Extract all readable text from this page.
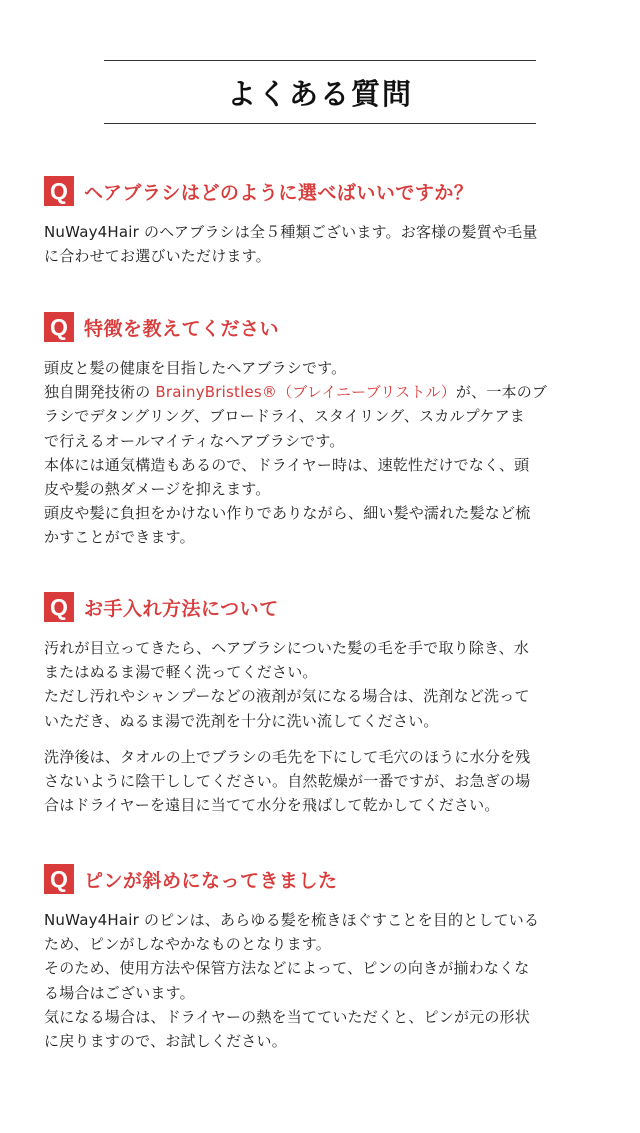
よくある質問
Q ヘアブラシはどのように選べばいいですか？
NuWay4Hair のヘアブラシは全５種類ございます。お客様の髪質や毛量
に合わせてお選びいただけます。
Q 特徴を教えてください
頭皮と髪の健康を目指したヘアブラシです。
独自開発技術の BrainyBristles®（ブレイニーブリストル）が、一本のブ
ラシでデタングリング、ブロードライ、スタイリング、スカルプケアま
で行えるオールマイティなヘアブラシです。
本体には通気構造もあるので、ドライヤー時は、速乾性だけでなく、頭
皮や髪の熱ダメージを抑えます。
頭皮や髪に負担をかけない作りでありながら、細い髪や濡れた髪など梳
かすことができます。
Q お手入れ方法について
汚れが目立ってきたら、ヘアブラシについた髪の毛を手で取り除き、水
またはぬるま湯で軽く洗ってください。
ただし汚れやシャンプーなどの液剤が気になる場合は、洗剤など洗って
いただき、ぬるま湯で洗剤を十分に洗い流してください。
洗浄後は、タオルの上でブラシの毛先を下にして毛穴のほうに水分を残
さないように陰干ししてください。自然乾燥が一番ですが、お急ぎの場
合はドライヤーを遠目に当てて水分を飛ばして乾かしてください。
Q ピンが斜めになってきました
NuWay4Hair のピンは、あらゆる髪を梳きほぐすことを目的としている
ため、ピンがしなやかなものとなります。
そのため、使用方法や保管方法などによって、ピンの向きが揃わなくな
る場合はございます。
気になる場合は、ドライヤーの熱を当てていただくと、ピンが元の形状
に戻りますので、お試しください。
